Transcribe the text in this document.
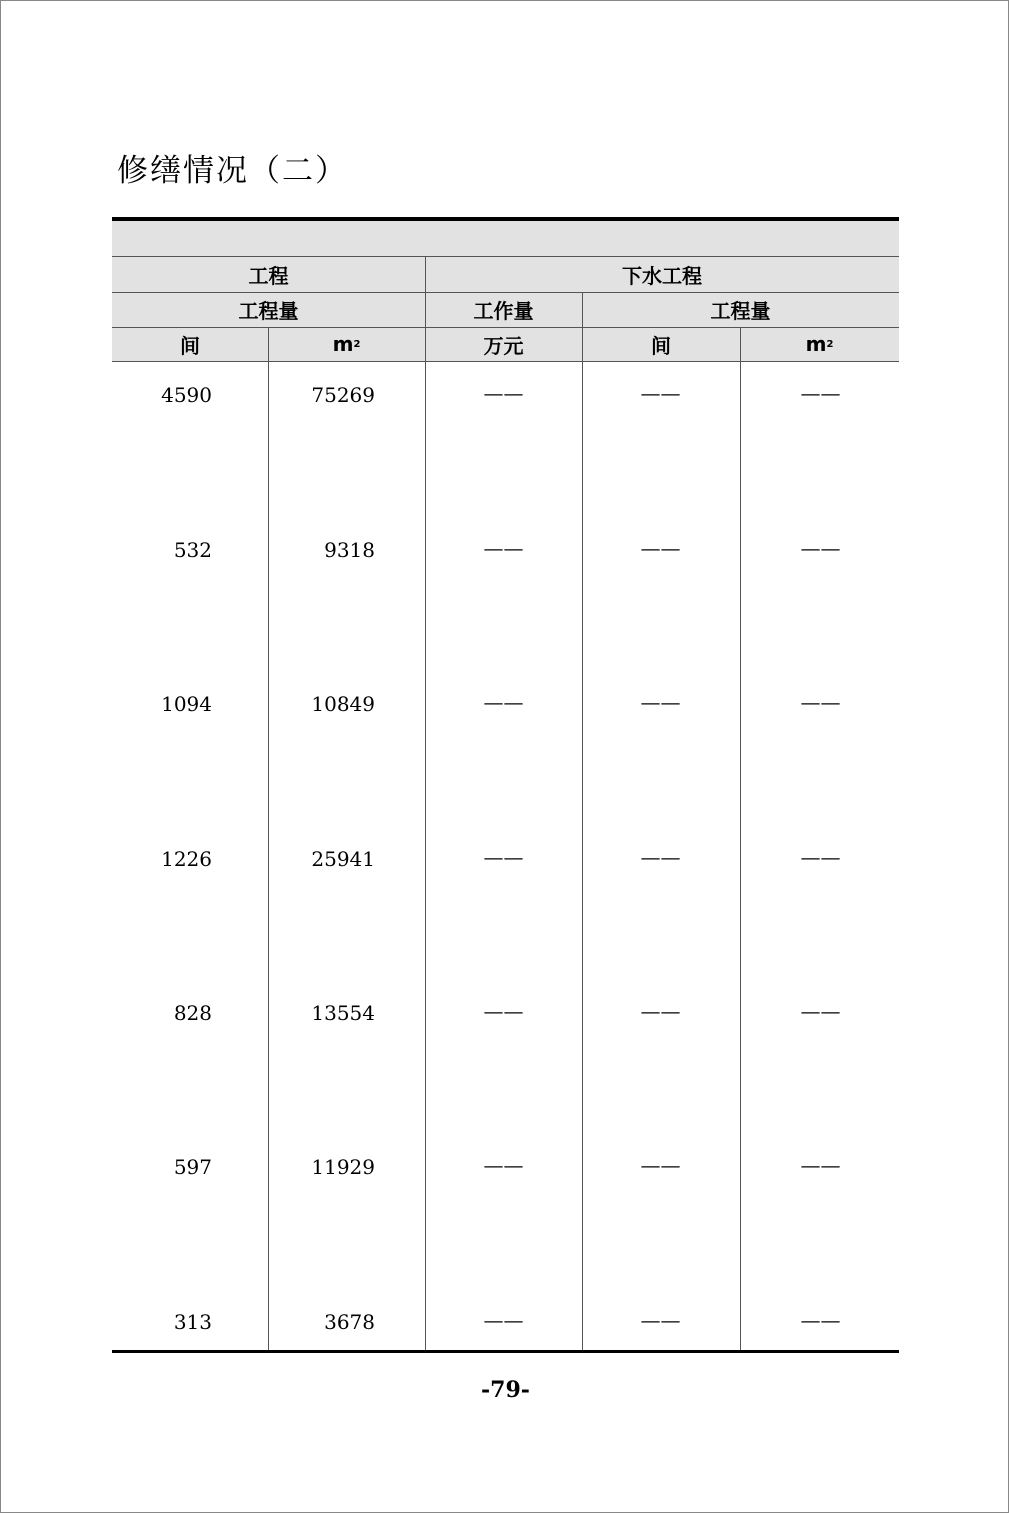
修缮情况（二）
工程	下水工程
工程量	工作量	工程量
间	m 2	万元	间	m 2
4590	75269	——	——	——
532	9318	——	——	——
1094	10849	——	——	——
1226	25941	——	——	——
828	13554	——	——	——
597	11929	——	——	——
313	3678	——	——	——
-79-
